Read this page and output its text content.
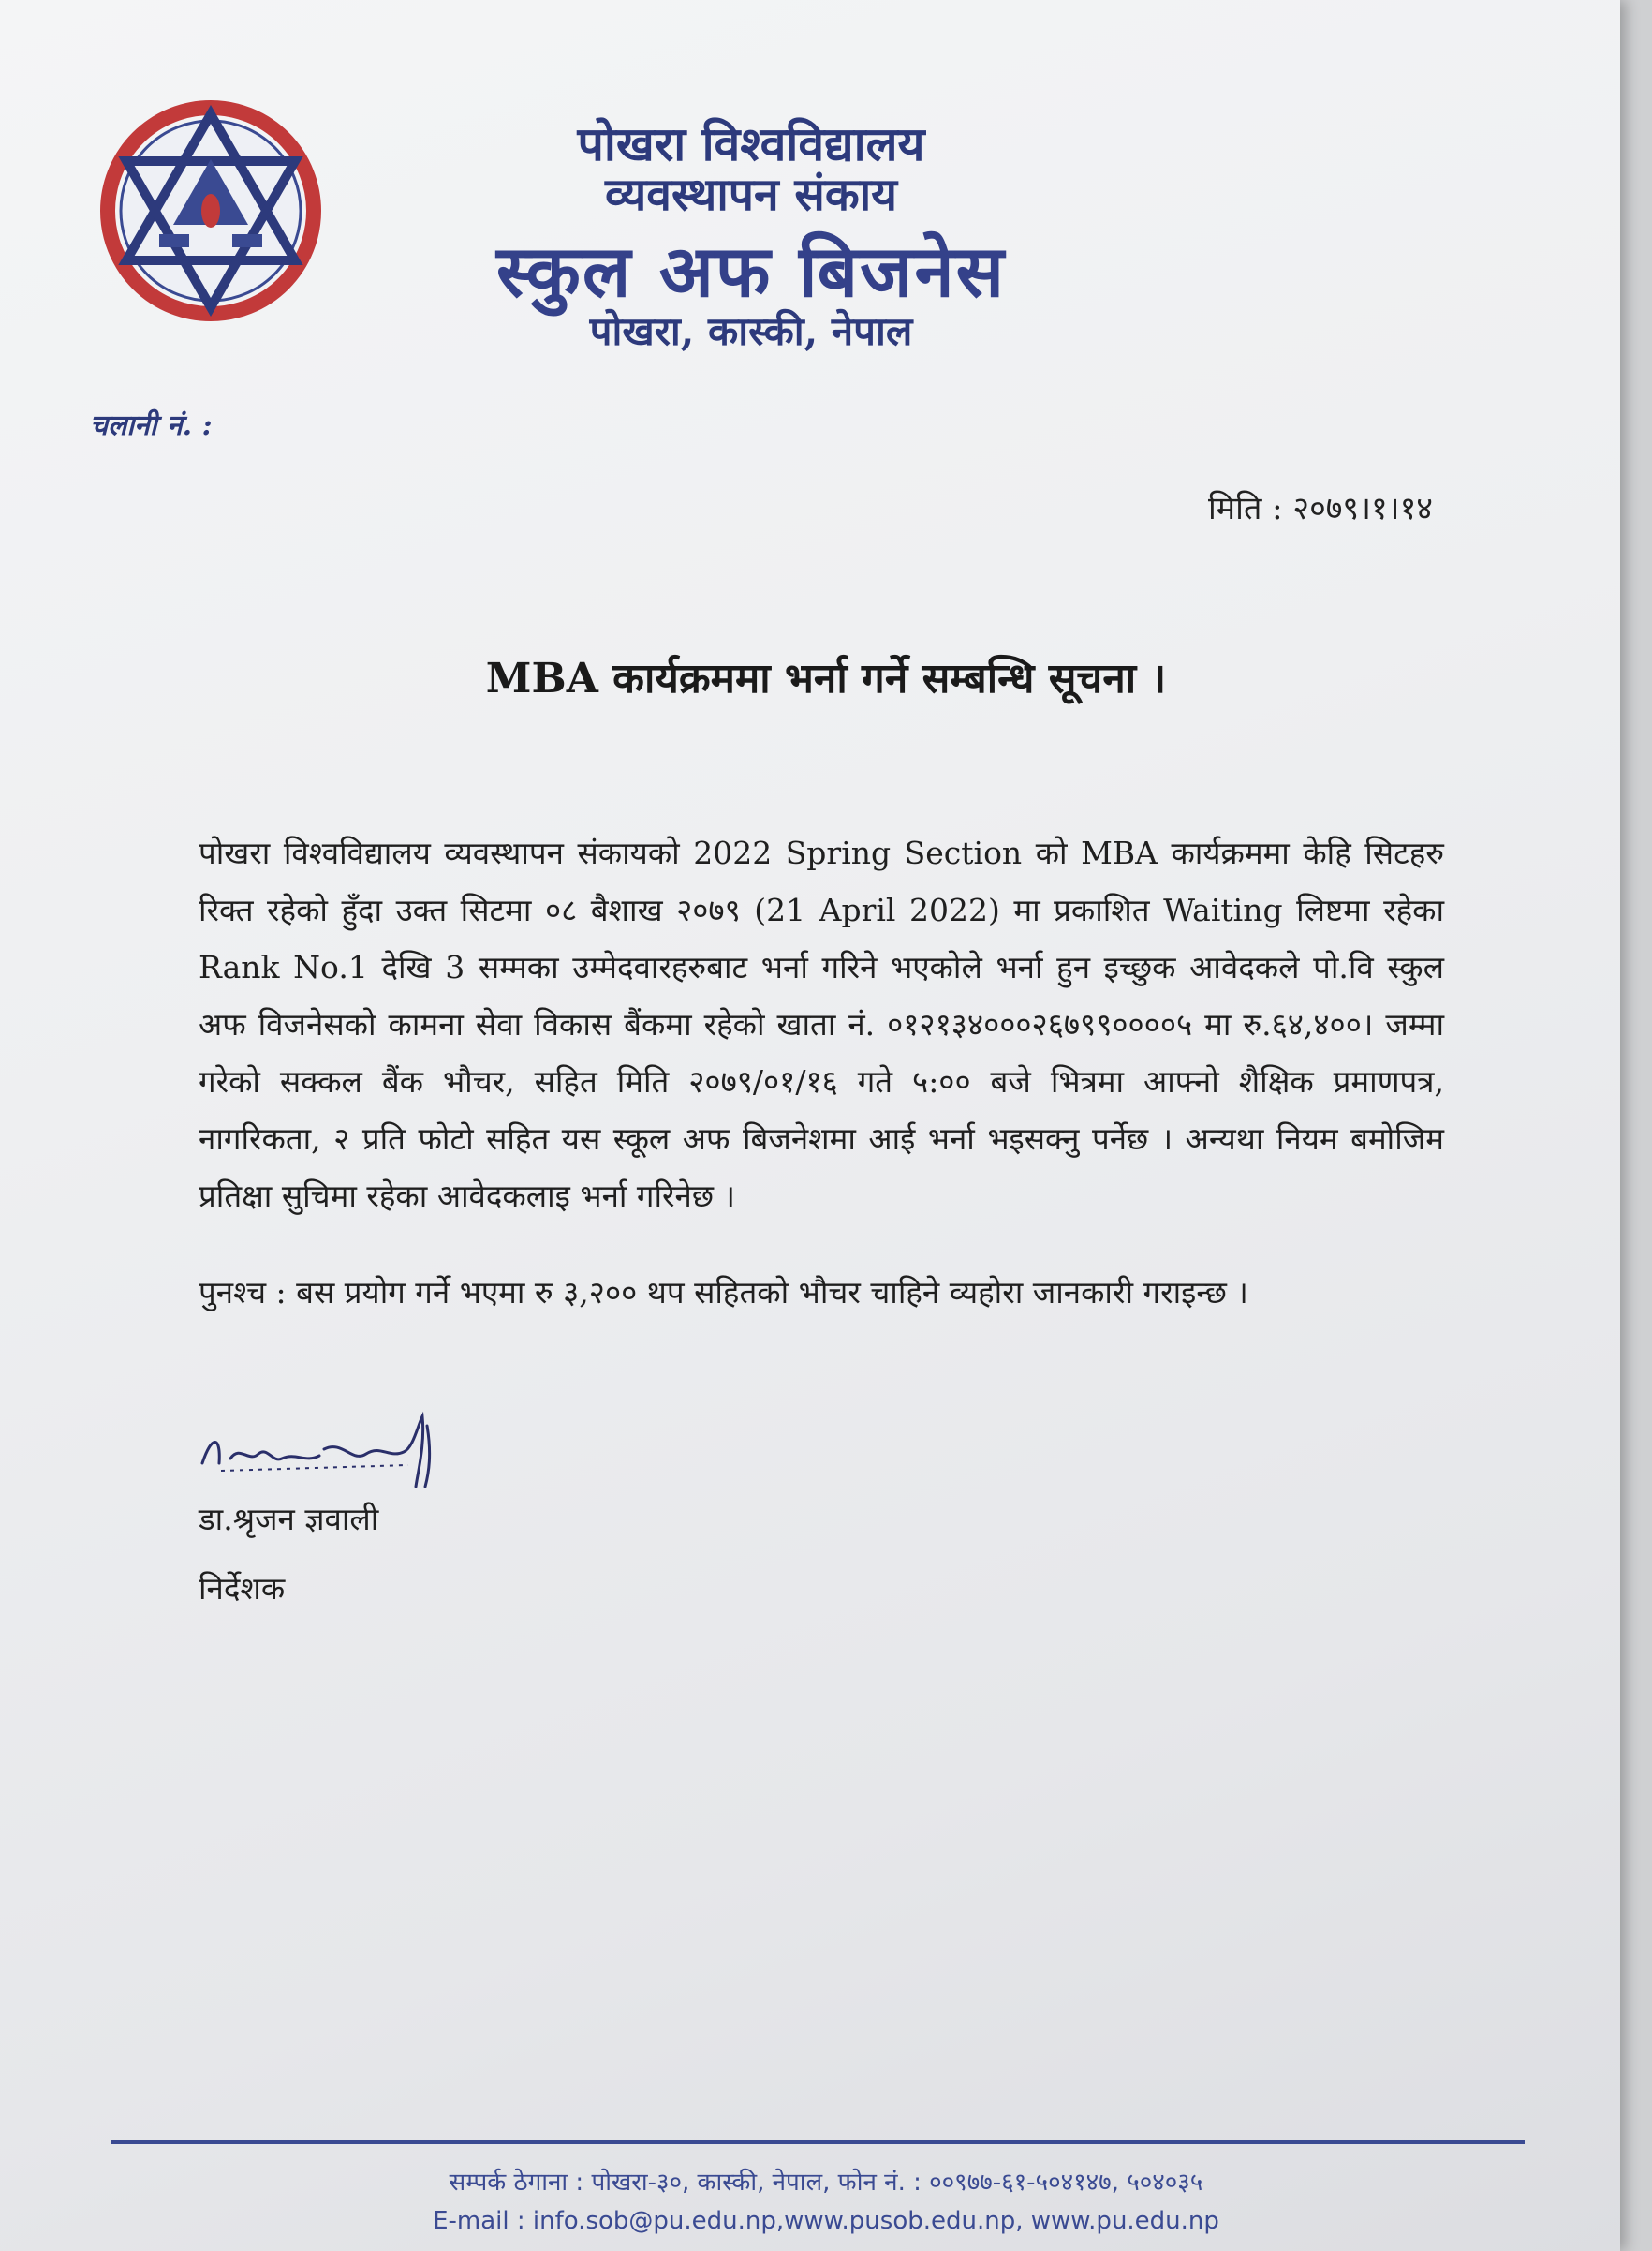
पोखरा विश्वविद्यालय
व्यवस्थापन संकाय
स्कुल अफ बिजनेस
पोखरा, कास्की, नेपाल
चलानी नं. :
मिति : २०७९।१।१४
MBA कार्यक्रममा भर्ना गर्ने सम्बन्धि सूचना ।
पोखरा विश्वविद्यालय व्यवस्थापन संकायको 2022 Spring Section को MBA कार्यक्रममा केहि सिटहरु रिक्त रहेको हुँदा उक्त सिटमा ०८ बैशाख २०७९ (21 April 2022) मा प्रकाशित Waiting लिष्टमा रहेका Rank No.1 देखि 3 सम्मका उम्मेदवारहरुबाट भर्ना गरिने भएकोले भर्ना हुन इच्छुक आवेदकले पो.वि स्कुल अफ विजनेसको कामना सेवा विकास बैंकमा रहेको खाता नं. ०१२१३४०००२६७९९००००५ मा रु.६४,४००। जम्मा गरेको सक्कल बैंक भौचर, सहित मिति २०७९/०१/१६ गते ५:०० बजे भित्रमा आफ्नो शैक्षिक प्रमाणपत्र, नागरिकता, २ प्रति फोटो सहित यस स्कूल अफ बिजनेशमा आई भर्ना भइसक्नु पर्नेछ । अन्यथा नियम बमोजिम प्रतिक्षा सुचिमा रहेका आवेदकलाइ भर्ना गरिनेछ ।
पुनश्च : बस प्रयोग गर्ने भएमा रु ३,२०० थप सहितको भौचर चाहिने व्यहोरा जानकारी गराइन्छ ।
डा.श्रृजन ज्ञवाली
निर्देशक
सम्पर्क ठेगाना : पोखरा-३०, कास्की, नेपाल, फोन नं. : ००९७७-६१-५०४१४७, ५०४०३५
E-mail : info.sob@pu.edu.np,www.pusob.edu.np, www.pu.edu.np
